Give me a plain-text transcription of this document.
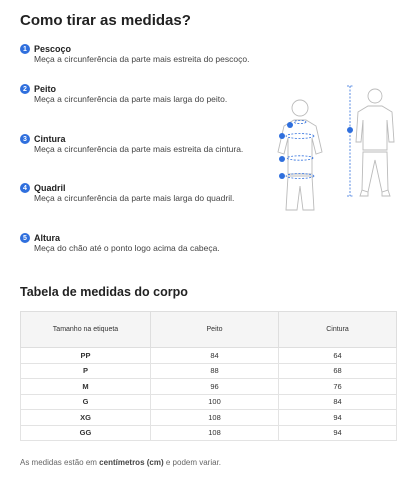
Como tirar as medidas?
1 Pescoço
Meça a circunferência da parte mais estreita do pescoço.
2 Peito
Meça a circunferência da parte mais larga do peito.
3 Cintura
Meça a circunferência da parte mais estreita da cintura.
4 Quadril
Meça a circunferência da parte mais larga do quadril.
5 Altura
Meça do chão até o ponto logo acima da cabeça.
Tabela de medidas do corpo
Tamanho na etiqueta	Peito	Cintura
PP	84	64
P	88	68
M	96	76
G	100	84
XG	108	94
GG	108	94
As medidas estão em centímetros (cm) e podem variar.
